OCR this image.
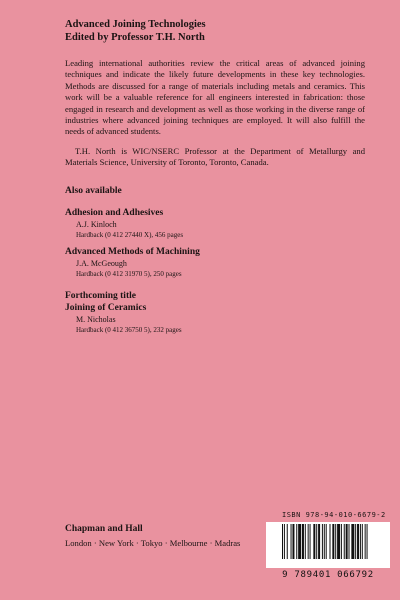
Advanced Joining Technologies

Edited by Professor T.H. North

Leading international authorities review the critical areas of advanced joining techniques and indicate the likely future developments in these key technologies. Methods are discussed for a range of materials including metals and ceramics. This work will be a valuable reference for all engineers interested in fabrication: those engaged in research and development as well as those working in the diverse range of industries where advanced joining techniques are employed. It will also fulfill the needs of advanced students.

T.H. North is WIC/NSERC Professor at the Department of Metallurgy and Materials Science, University of Toronto, Toronto, Canada.

Also available

Adhesion and Adhesives
A.J. Kinloch
Hardback (0 412 27440 X), 456 pages
Advanced Methods of Machining
J.A. McGeough
Hardback (0 412 31970 5), 250 pages
Forthcoming title
Joining of Ceramics
M. Nicholas
Hardback (0 412 36750 5), 232 pages
Chapman and Hall
London · New York · Tokyo · Melbourne · Madras
ISBN 978-94-010-6679-2
9 789401 066792
